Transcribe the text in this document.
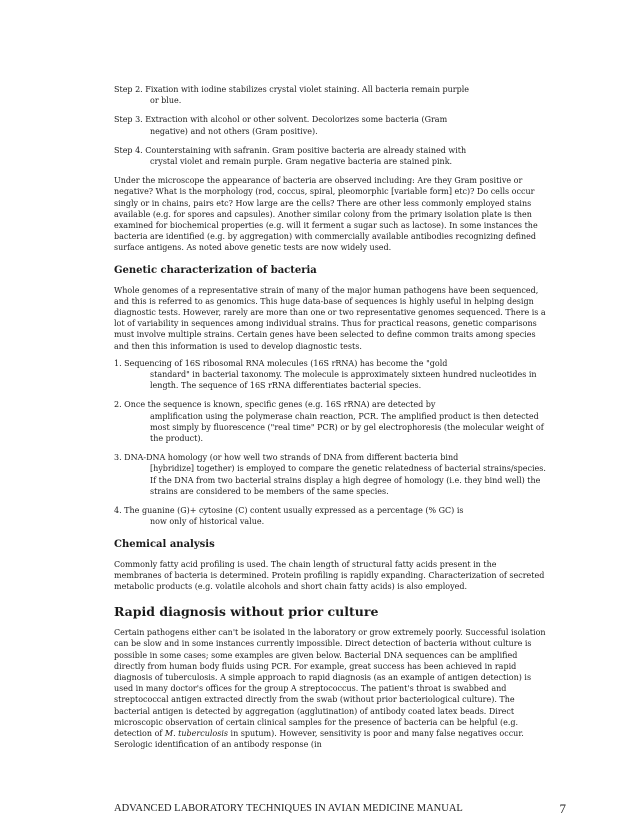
Step 2. Fixation with iodine stabilizes crystal violet staining. All bacteria remain purple
or blue.
Step 3. Extraction with alcohol or other solvent. Decolorizes some bacteria (Gram
negative) and not others (Gram positive).
Step 4. Counterstaining with safranin. Gram positive bacteria are already stained with
crystal violet and remain purple. Gram negative bacteria are stained pink.

Under the microscope the appearance of bacteria are observed including: Are they Gram positive or negative? What is the morphology (rod, coccus, spiral, pleomorphic [variable form] etc)? Do cells occur singly or in chains, pairs etc? How large are the cells? There are other less commonly employed stains available (e.g. for spores and capsules). Another similar colony from the primary isolation plate is then examined for biochemical properties (e.g. will it ferment a sugar such as lactose). In some instances the bacteria are identified (e.g. by aggregation) with commercially available antibodies recognizing defined surface antigens. As noted above genetic tests are now widely used.

Genetic characterization of bacteria

Whole genomes of a representative strain of many of the major human pathogens have been sequenced, and this is referred to as genomics. This huge data-base of sequences is highly useful in helping design diagnostic tests. However, rarely are more than one or two representative genomes sequenced. There is a lot of variability in sequences among individual strains. Thus for practical reasons, genetic comparisons must involve multiple strains. Certain genes have been selected to define common traits among species and then this information is used to develop diagnostic tests.

1. Sequencing of 16S ribosomal RNA molecules (16S rRNA) has become the "gold
standard" in bacterial taxonomy. The molecule is approximately sixteen hundred nucleotides in length. The sequence of 16S rRNA differentiates bacterial species.
2. Once the sequence is known, specific genes (e.g. 16S rRNA) are detected by
amplification using the polymerase chain reaction, PCR. The amplified product is then detected most simply by fluorescence ("real time" PCR) or by gel electrophoresis (the molecular weight of the product).
3. DNA-DNA homology (or how well two strands of DNA from different bacteria bind
[hybridize] together) is employed to compare the genetic relatedness of bacterial strains/species. If the DNA from two bacterial strains display a high degree of homology (i.e. they bind well) the strains are considered to be members of the same species.
4. The guanine (G)+ cytosine (C) content usually expressed as a percentage (% GC) is
now only of historical value.
Chemical analysis

Commonly fatty acid profiling is used. The chain length of structural fatty acids present in the membranes of bacteria is determined. Protein profiling is rapidly expanding. Characterization of secreted metabolic products (e.g. volatile alcohols and short chain fatty acids) is also employed.

Rapid diagnosis without prior culture

Certain pathogens either can't be isolated in the laboratory or grow extremely poorly. Successful isolation can be slow and in some instances currently impossible. Direct detection of bacteria without culture is possible in some cases; some examples are given below. Bacterial DNA sequences can be amplified directly from human body fluids using PCR. For example, great success has been achieved in rapid diagnosis of tuberculosis. A simple approach to rapid diagnosis (as an example of antigen detection) is used in many doctor's offices for the group A streptococcus. The patient's throat is swabbed and streptococcal antigen extracted directly from the swab (without prior bacteriological culture). The bacterial antigen is detected by aggregation (agglutination) of antibody coated latex beads. Direct microscopic observation of certain clinical samples for the presence of bacteria can be helpful (e.g. detection of M. tuberculosis in sputum). However, sensitivity is poor and many false negatives occur. Serologic identification of an antibody response (in

ADVANCED LABORATORY TECHNIQUES IN AVIAN MEDICINE MANUAL	7
